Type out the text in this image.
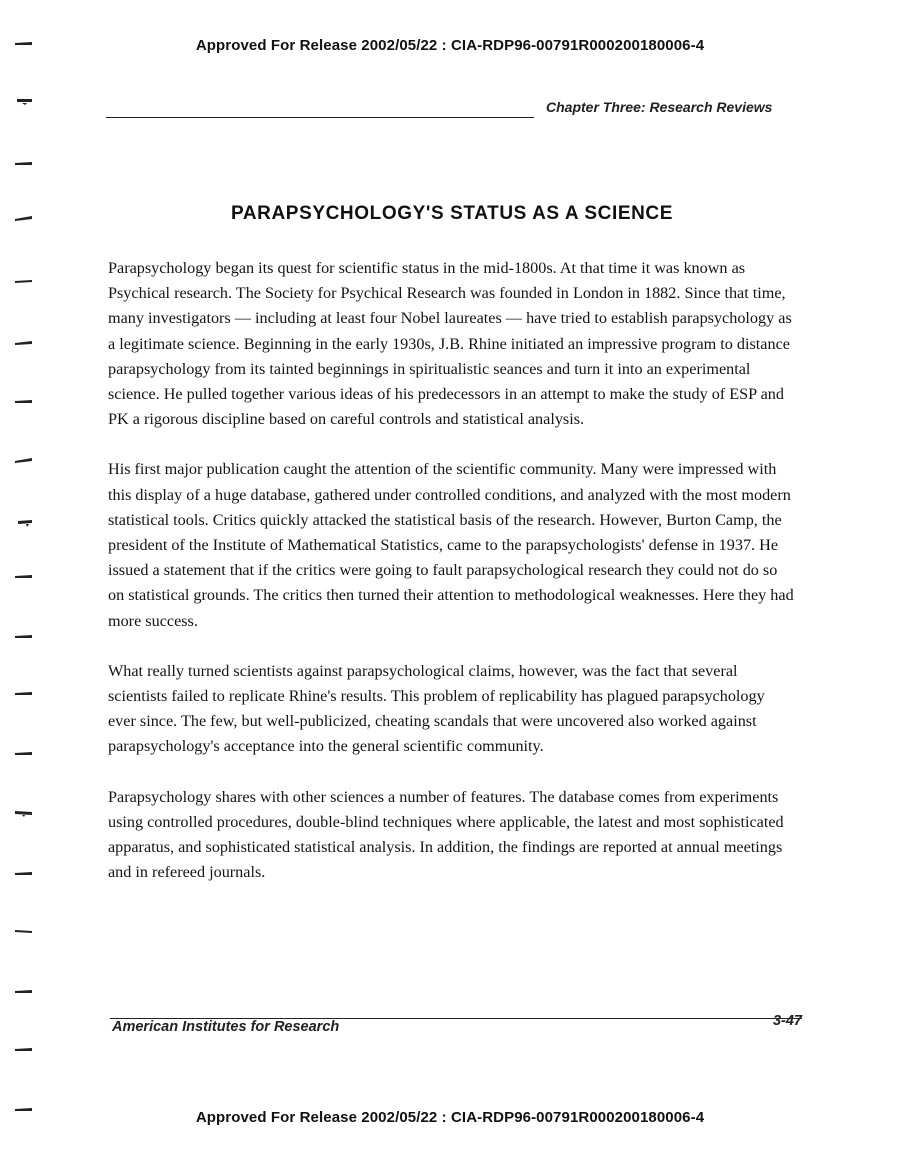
Approved For Release 2002/05/22 : CIA-RDP96-00791R000200180006-4
Chapter Three: Research Reviews
PARAPSYCHOLOGY'S STATUS AS A SCIENCE

Parapsychology began its quest for scientific status in the mid-1800s. At that time it was known as Psychical research. The Society for Psychical Research was founded in London in 1882. Since that time, many investigators — including at least four Nobel laureates — have tried to establish parapsychology as a legitimate science. Beginning in the early 1930s, J.B. Rhine initiated an impressive program to distance parapsychology from its tainted beginnings in spiritualistic seances and turn it into an experimental science. He pulled together various ideas of his predecessors in an attempt to make the study of ESP and PK a rigorous discipline based on careful controls and statistical analysis.

His first major publication caught the attention of the scientific community. Many were impressed with this display of a huge database, gathered under controlled conditions, and analyzed with the most modern statistical tools. Critics quickly attacked the statistical basis of the research. However, Burton Camp, the president of the Institute of Mathematical Statistics, came to the parapsychologists' defense in 1937. He issued a statement that if the critics were going to fault parapsychological research they could not do so on statistical grounds. The critics then turned their attention to methodological weaknesses. Here they had more success.

What really turned scientists against parapsychological claims, however, was the fact that several scientists failed to replicate Rhine's results. This problem of replicability has plagued parapsychology ever since. The few, but well-publicized, cheating scandals that were uncovered also worked against parapsychology's acceptance into the general scientific community.

Parapsychology shares with other sciences a number of features. The database comes from experiments using controlled procedures, double-blind techniques where applicable, the latest and most sophisticated apparatus, and sophisticated statistical analysis. In addition, the findings are reported at annual meetings and in refereed journals.

American Institutes for Research	3-47
Approved For Release 2002/05/22 : CIA-RDP96-00791R000200180006-4
